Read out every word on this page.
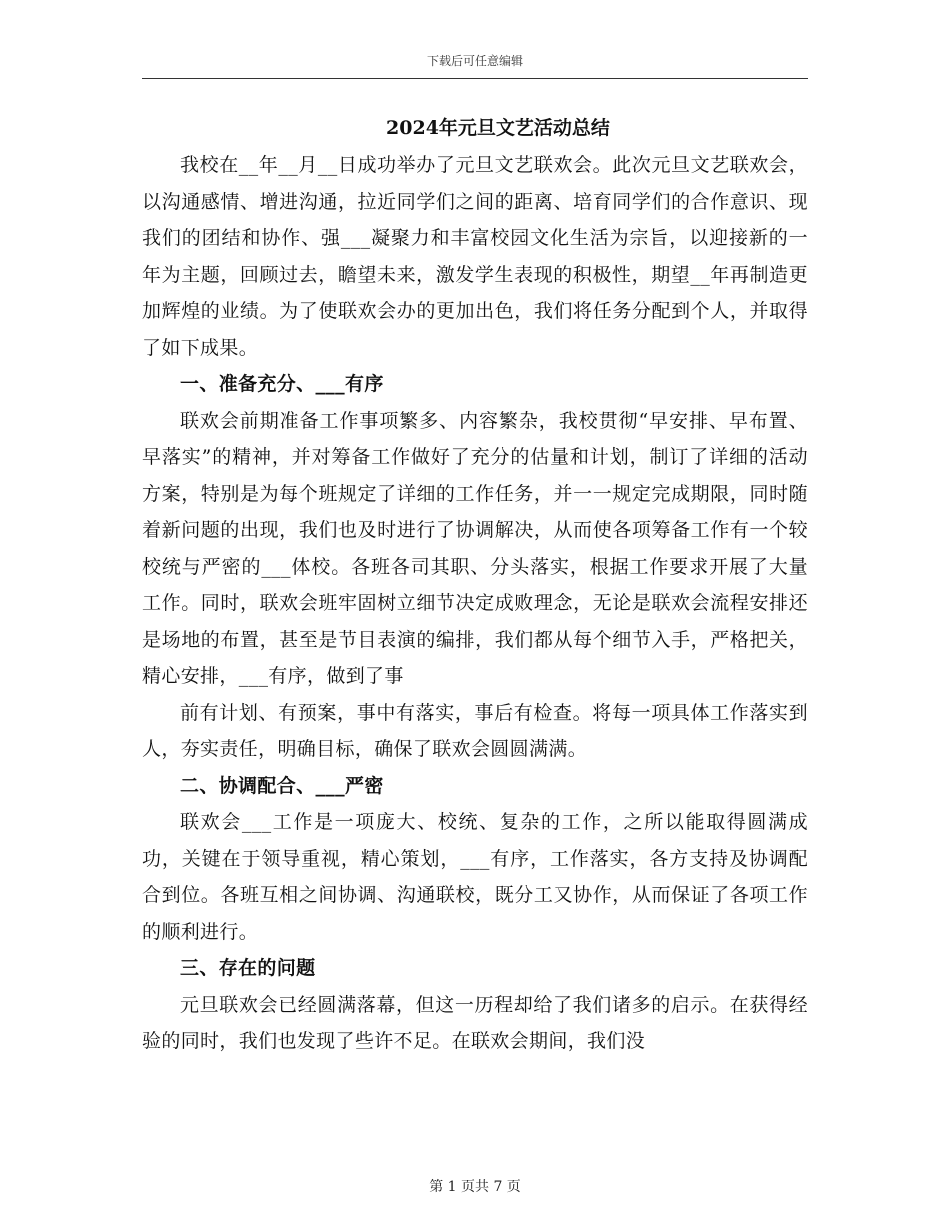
下载后可任意编辑
2024年元旦文艺活动总结

我校在__年__月__日成功举办了元旦文艺联欢会。此次元旦文艺联欢会，以沟通感情、增进沟通，拉近同学们之间的距离、培育同学们的合作意识、现我们的团结和协作、强___凝聚力和丰富校园文化生活为宗旨，以迎接新的一年为主题，回顾过去，瞻望未来，激发学生表现的积极性，期望__年再制造更加辉煌的业绩。为了使联欢会办的更加出色，我们将任务分配到个人，并取得了如下成果。

一、准备充分、___有序

联欢会前期准备工作事项繁多、内容繁杂，我校贯彻“早安排、早布置、早落实”的精神，并对筹备工作做好了充分的估量和计划，制订了详细的活动方案，特别是为每个班规定了详细的工作任务，并一一规定完成期限，同时随着新问题的出现，我们也及时进行了协调解决，从而使各项筹备工作有一个较校统与严密的___体校。各班各司其职、分头落实，根据工作要求开展了大量工作。同时，联欢会班牢固树立细节决定成败理念，无论是联欢会流程安排还是场地的布置，甚至是节目表演的编排，我们都从每个细节入手，严格把关，精心安排，___有序，做到了事

前有计划、有预案，事中有落实，事后有检查。将每一项具体工作落实到人，夯实责任，明确目标，确保了联欢会圆圆满满。

二、协调配合、___严密

联欢会___工作是一项庞大、校统、复杂的工作，之所以能取得圆满成功，关键在于领导重视，精心策划，___有序，工作落实，各方支持及协调配合到位。各班互相之间协调、沟通联校，既分工又协作，从而保证了各项工作的顺利进行。

三、存在的问题

元旦联欢会已经圆满落幕，但这一历程却给了我们诸多的启示。在获得经验的同时，我们也发现了些许不足。在联欢会期间，我们没

第 1 页共 7 页
